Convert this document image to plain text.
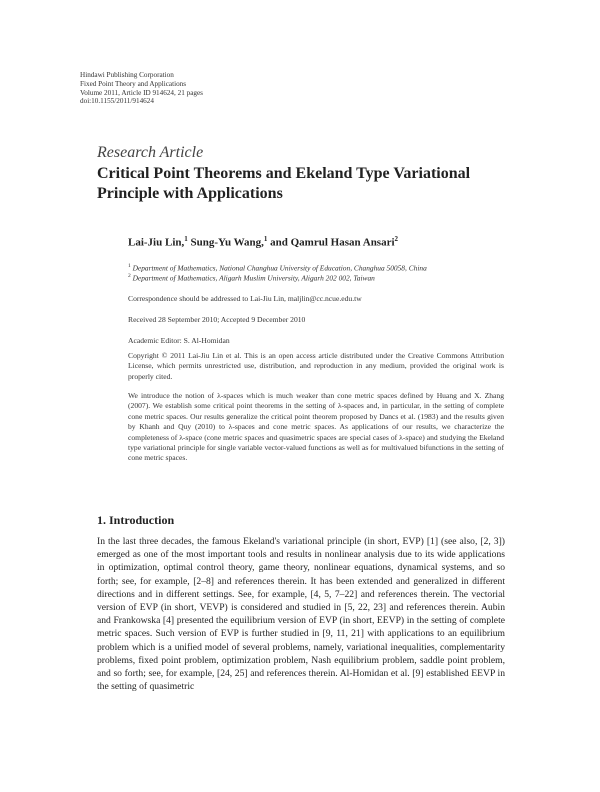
Hindawi Publishing Corporation
Fixed Point Theory and Applications
Volume 2011, Article ID 914624, 21 pages
doi:10.1155/2011/914624
Research Article
Critical Point Theorems and Ekeland Type Variational Principle with Applications
Lai-Jiu Lin,$^1$ Sung-Yu Wang,$^1$ and Qamrul Hasan Ansari$^2$
$^1$ Department of Mathematics, National Changhua University of Education, Changhua 50058, China
$^2$ Department of Mathematics, Aligarh Muslim University, Aligarh 202 002, Taiwan
Correspondence should be addressed to Lai-Jiu Lin, maljlin@cc.ncue.edu.tw
Received 28 September 2010; Accepted 9 December 2010
Academic Editor: S. Al-Homidan
Copyright © 2011 Lai-Jiu Lin et al. This is an open access article distributed under the Creative Commons Attribution License, which permits unrestricted use, distribution, and reproduction in any medium, provided the original work is properly cited.
We introduce the notion of λ-spaces which is much weaker than cone metric spaces defined by Huang and X. Zhang (2007). We establish some critical point theorems in the setting of λ-spaces and, in particular, in the setting of complete cone metric spaces. Our results generalize the critical point theorem proposed by Dancs et al. (1983) and the results given by Khanh and Quy (2010) to λ-spaces and cone metric spaces. As applications of our results, we characterize the completeness of λ-space (cone metric spaces and quasimetric spaces are special cases of λ-space) and studying the Ekeland type variational principle for single variable vector-valued functions as well as for multivalued bifunctions in the setting of cone metric spaces.
1. Introduction

In the last three decades, the famous Ekeland's variational principle (in short, EVP) [1] (see also, [2, 3]) emerged as one of the most important tools and results in nonlinear analysis due to its wide applications in optimization, optimal control theory, game theory, nonlinear equations, dynamical systems, and so forth; see, for example, [2–8] and references therein. It has been extended and generalized in different directions and in different settings. See, for example, [4, 5, 7–22] and references therein. The vectorial version of EVP (in short, VEVP) is considered and studied in [5, 22, 23] and references therein. Aubin and Frankowska [4] presented the equilibrium version of EVP (in short, EEVP) in the setting of complete metric spaces. Such version of EVP is further studied in [9, 11, 21] with applications to an equilibrium problem which is a unified model of several problems, namely, variational inequalities, complementarity problems, fixed point problem, optimization problem, Nash equilibrium problem, saddle point problem, and so forth; see, for example, [24, 25] and references therein. Al-Homidan et al. [9] established EEVP in the setting of quasimetric
